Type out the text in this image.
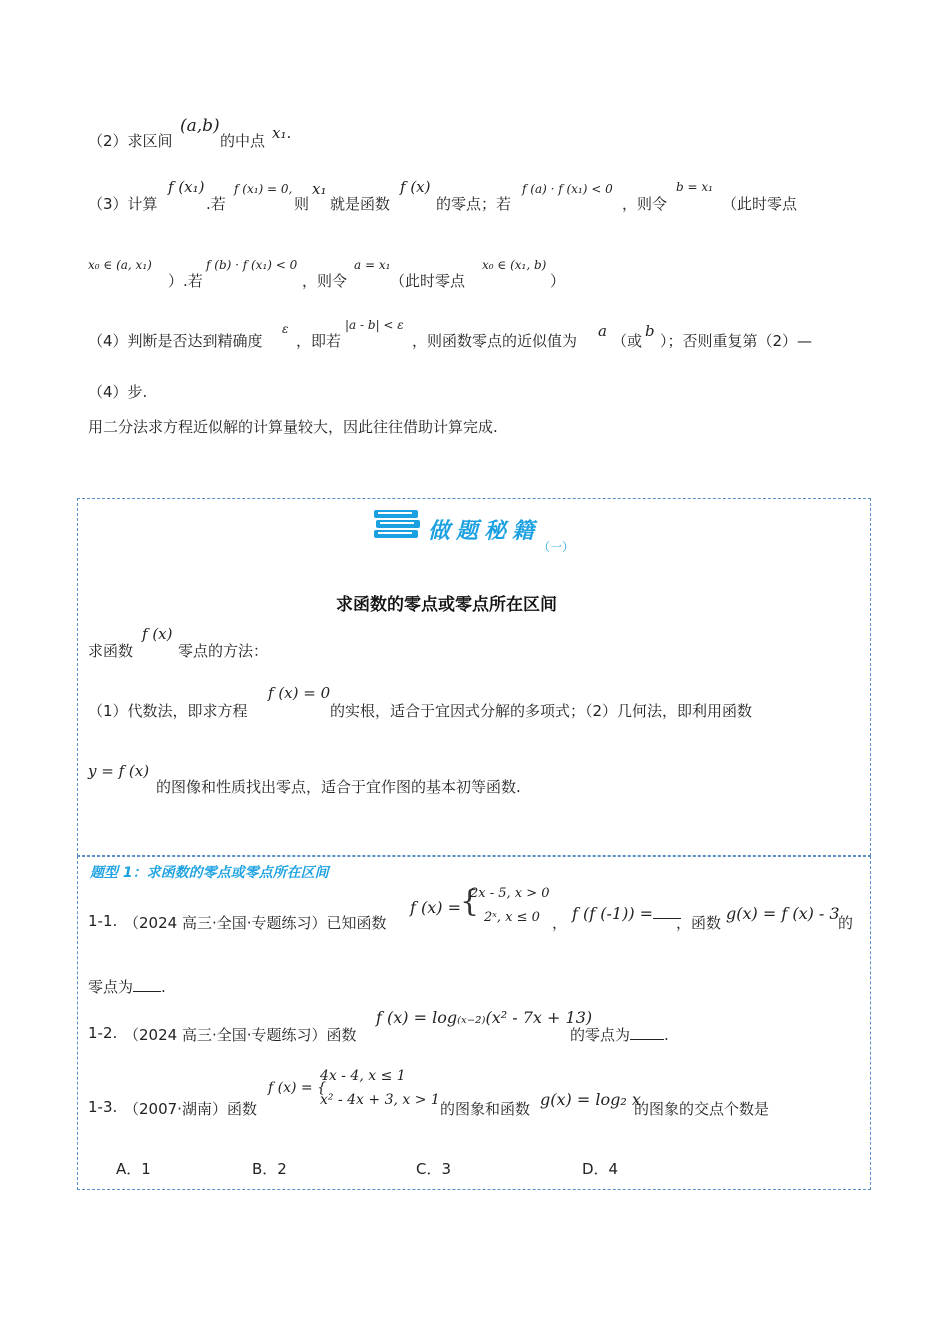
（2）求区间
(a,b)
的中点 x₁.
（3）计算
f (x₁)
.若
f (x₁) = 0,
则
x₁
就是函数
f (x)
的零点；若
f (a) · f (x₁) < 0
，则令
b = x₁
（此时零点
x₀ ∈ (a, x₁)
）.若
f (b) · f (x₁) < 0
，则令
a = x₁
（此时零点
x₀ ∈ (x₁, b)
）
（4）判断是否达到精确度
ε
，即若
|a - b| < ε
，则函数零点的近似值为
a
（或
b
）；否则重复第（2）—
（4）步.
用二分法求方程近似解的计算量较大，因此往往借助计算完成.
做题秘籍
（一）
求函数的零点或零点所在区间
求函数
f (x)
零点的方法：
（1）代数法，即求方程
f (x) = 0
的实根，适合于宜因式分解的多项式；（2）几何法，即利用函数
y = f (x)
的图像和性质找出零点，适合于宜作图的基本初等函数.
题型 1：求函数的零点或零点所在区间
1-1. （2024 高三·全国·专题练习）已知函数
f (x) =
{
2x - 5, x > 0
2ˣ, x ≤ 0 ， f (f (-1)) =	，函数 g(x) = f (x) - 3
的
零点为 .
1-2. （2024 高三·全国·专题练习）函数
f (x) = log₍ₓ₋₂₎(x² - 7x + 13)
的零点为 .
1-3. （2007·湖南）函数
f (x) = {
4x - 4, x ≤ 1
x² - 4x + 3, x > 1 的图象和函数 g(x) = log₂ x
的图象的交点个数是
A．1	B．2	C．3	D．4
